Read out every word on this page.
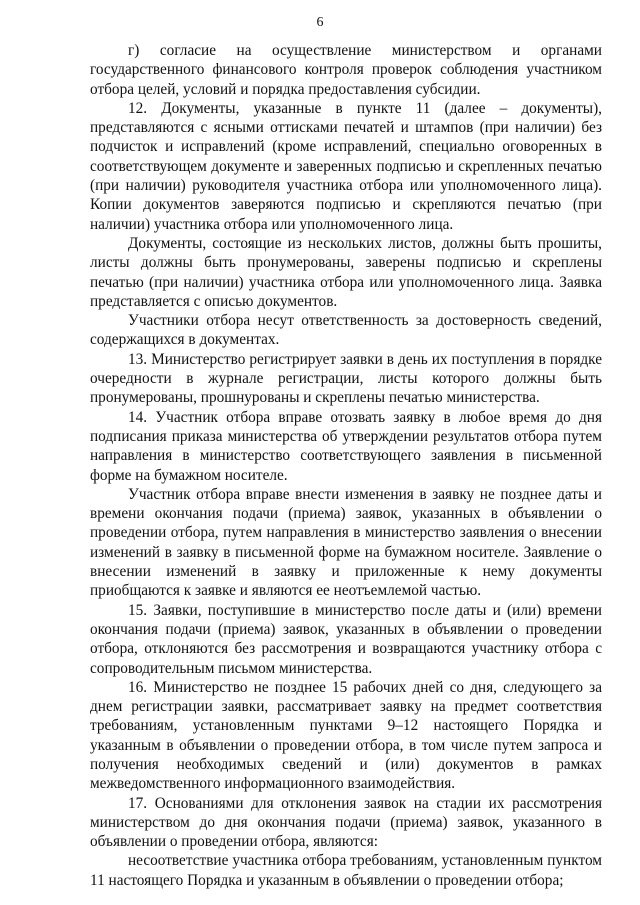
6

г) согласие на осуществление министерством и органами государственного финансового контроля проверок соблюдения участником отбора целей, условий и порядка предоставления субсидии.

12. Документы, указанные в пункте 11 (далее – документы), представляются с ясными оттисками печатей и штампов (при наличии) без подчисток и исправлений (кроме исправлений, специально оговоренных в соответствующем документе и заверенных подписью и скрепленных печатью (при наличии) руководителя участника отбора или уполномоченного лица). Копии документов заверяются подписью и скрепляются печатью (при наличии) участника отбора или уполномоченного лица.

Документы, состоящие из нескольких листов, должны быть прошиты, листы должны быть пронумерованы, заверены подписью и скреплены печатью (при наличии) участника отбора или уполномоченного лица. Заявка представляется с описью документов.

Участники отбора несут ответственность за достоверность сведений, содержащихся в документах.

13. Министерство регистрирует заявки в день их поступления в порядке очередности в журнале регистрации, листы которого должны быть пронумерованы, прошнурованы и скреплены печатью министерства.

14. Участник отбора вправе отозвать заявку в любое время до дня подписания приказа министерства об утверждении результатов отбора путем направления в министерство соответствующего заявления в письменной форме на бумажном носителе.

Участник отбора вправе внести изменения в заявку не позднее даты и времени окончания подачи (приема) заявок, указанных в объявлении о проведении отбора, путем направления в министерство заявления о внесении изменений в заявку в письменной форме на бумажном носителе. Заявление о внесении изменений в заявку и приложенные к нему документы приобщаются к заявке и являются ее неотъемлемой частью.

15. Заявки, поступившие в министерство после даты и (или) времени окончания подачи (приема) заявок, указанных в объявлении о проведении отбора, отклоняются без рассмотрения и возвращаются участнику отбора с сопроводительным письмом министерства.

16. Министерство не позднее 15 рабочих дней со дня, следующего за днем регистрации заявки, рассматривает заявку на предмет соответствия требованиям, установленным пунктами 9–12 настоящего Порядка и указанным в объявлении о проведении отбора, в том числе путем запроса и получения необходимых сведений и (или) документов в рамках межведомственного информационного взаимодействия.

17. Основаниями для отклонения заявок на стадии их рассмотрения министерством до дня окончания подачи (приема) заявок, указанного в объявлении о проведении отбора, являются:

несоответствие участника отбора требованиям, установленным пунктом 11 настоящего Порядка и указанным в объявлении о проведении отбора;
